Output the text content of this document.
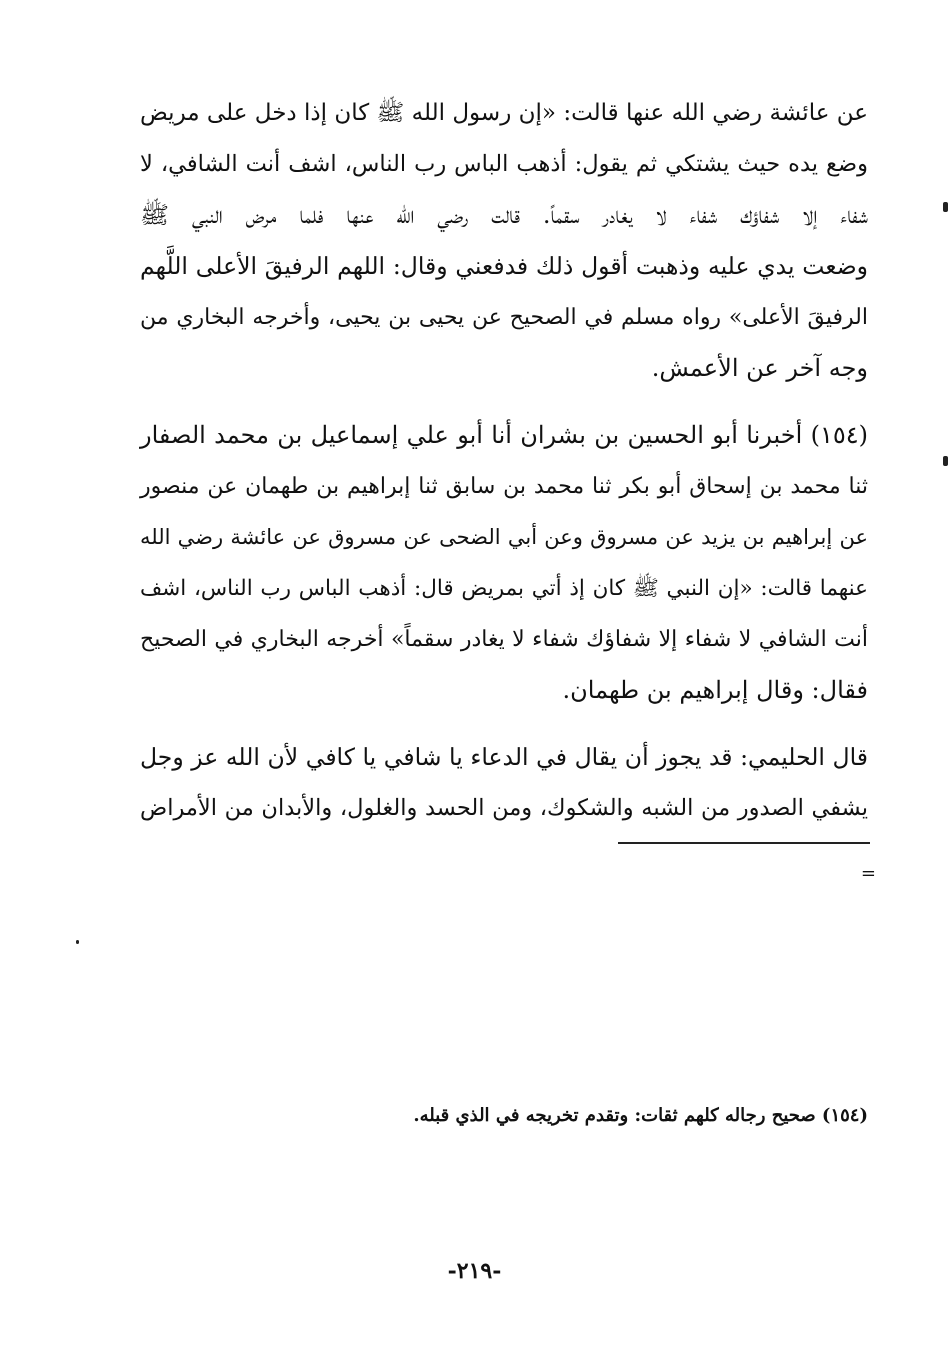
عن عائشة رضي الله عنها قالت: «إن رسول الله ﷺ كان إذا دخل على مريض
وضع يده حيث يشتكي ثم يقول: أذهب الباس رب الناس، اشف أنت الشافي، لا
شفاء إلا شفاؤك شفاء لا يغادر سقماً. قالت رضي الله عنها فلما مرض النبي ﷺ
وضعت يدي عليه وذهبت أقول ذلك فدفعني وقال: اللهم الرفيقَ الأعلى اللَّهم
الرفيقَ الأعلى» رواه مسلم في الصحيح عن يحيى بن يحيى، وأخرجه البخاري من
وجه آخر عن الأعمش.
(١٥٤) أخبرنا أبو الحسين بن بشران أنا أبو علي إسماعيل بن محمد الصفار
ثنا محمد بن إسحاق أبو بكر ثنا محمد بن سابق ثنا إبراهيم بن طهمان عن منصور
عن إبراهيم بن يزيد عن مسروق وعن أبي الضحى عن مسروق عن عائشة رضي الله
عنهما قالت: «إن النبي ﷺ كان إذ أتي بمريض قال: أذهب الباس رب الناس، اشف
أنت الشافي لا شفاء إلا شفاؤك شفاء لا يغادر سقماً» أخرجه البخاري في الصحيح
فقال: وقال إبراهيم بن طهمان.
قال الحليمي: قد يجوز أن يقال في الدعاء يا شافي يا كافي لأن الله عز وجل
يشفي الصدور من الشبه والشكوك، ومن الحسد والغلول، والأبدان من الأمراض
=
(١٥٤) صحيح رجاله كلهم ثقات: وتقدم تخريجه في الذي قبله.
-٢١٩-
